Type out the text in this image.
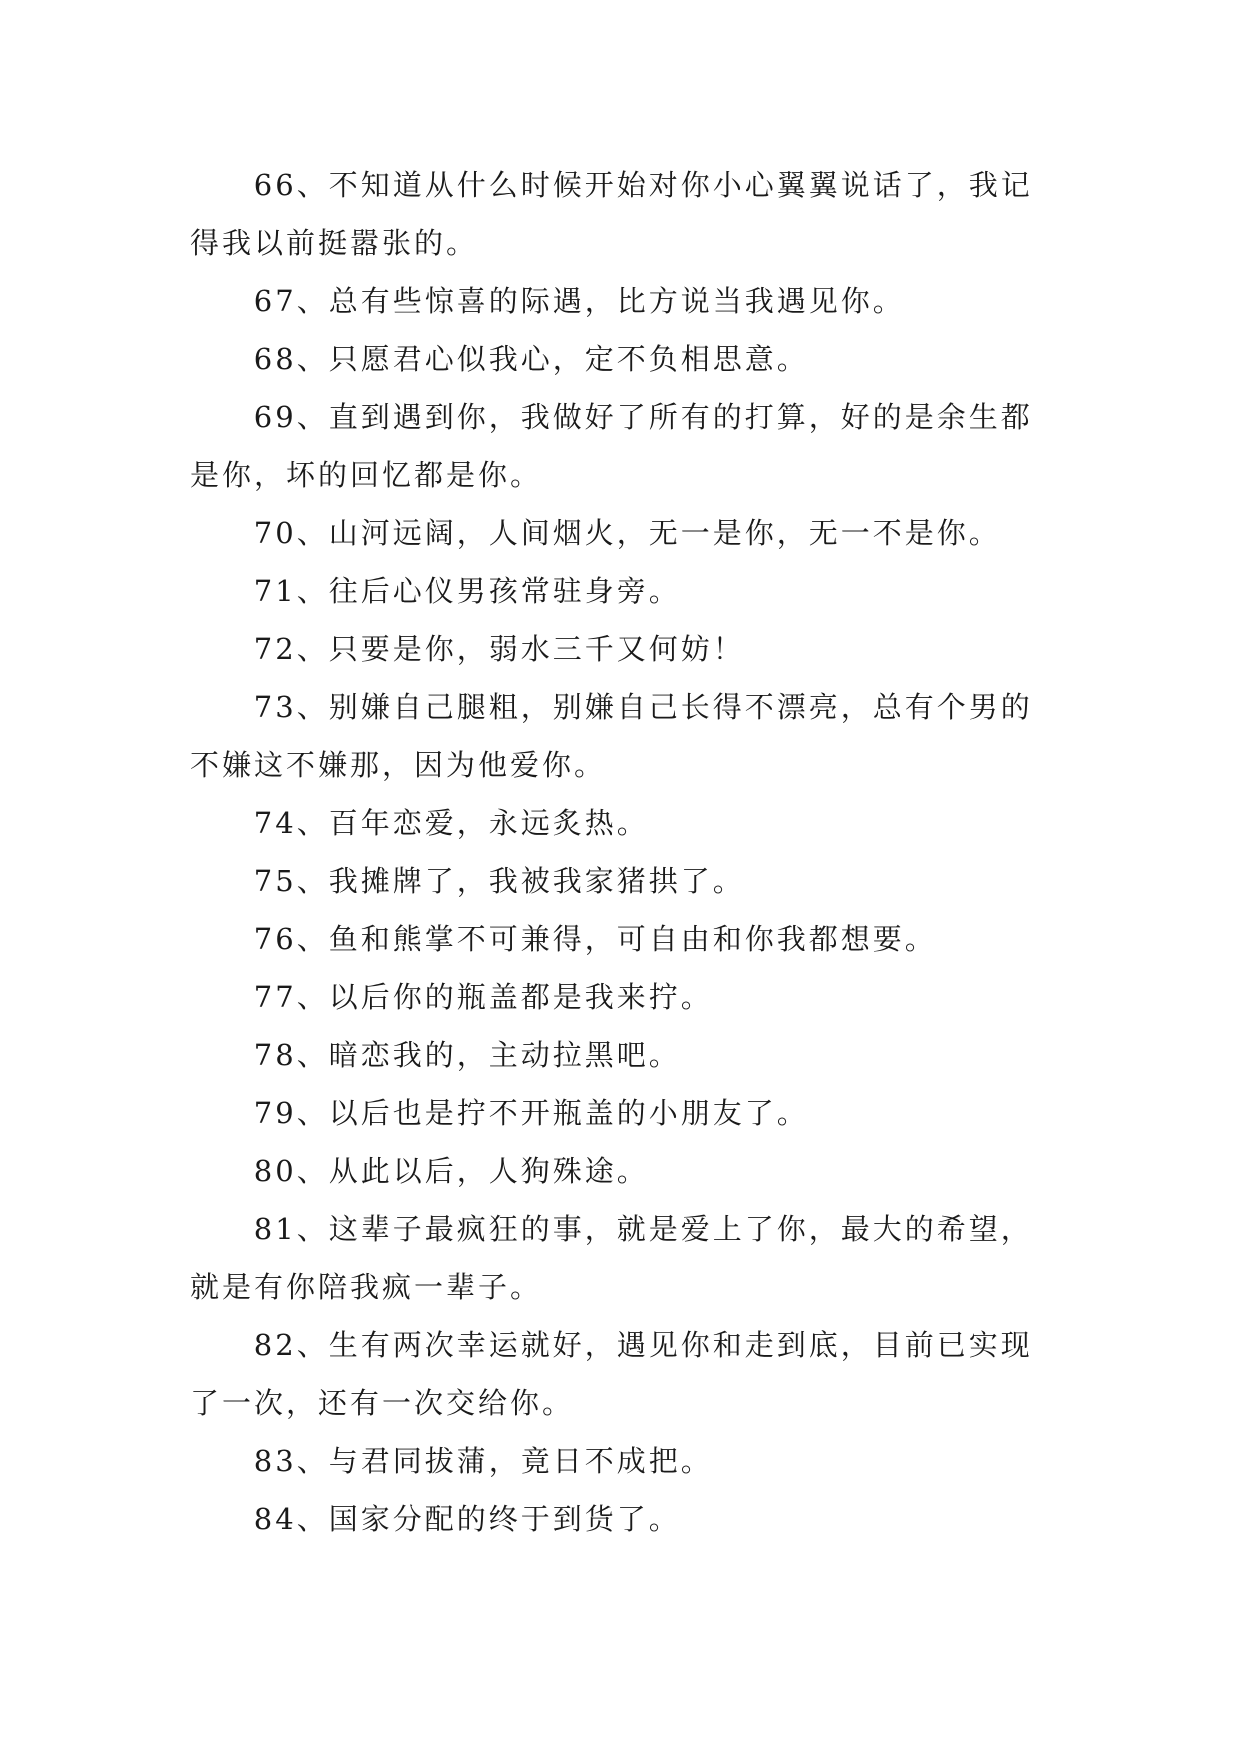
66、不知道从什么时候开始对你小心翼翼说话了，我记得我以前挺嚣张的。

67、总有些惊喜的际遇，比方说当我遇见你。

68、只愿君心似我心，定不负相思意。

69、直到遇到你，我做好了所有的打算，好的是余生都是你，坏的回忆都是你。

70、山河远阔，人间烟火，无一是你，无一不是你。

71、往后心仪男孩常驻身旁。

72、只要是你，弱水三千又何妨！

73、别嫌自己腿粗，别嫌自己长得不漂亮，总有个男的不嫌这不嫌那，因为他爱你。

74、百年恋爱，永远炙热。

75、我摊牌了，我被我家猪拱了。

76、鱼和熊掌不可兼得，可自由和你我都想要。

77、以后你的瓶盖都是我来拧。

78、暗恋我的，主动拉黑吧。

79、以后也是拧不开瓶盖的小朋友了。

80、从此以后，人狗殊途。

81、这辈子最疯狂的事，就是爱上了你，最大的希望，就是有你陪我疯一辈子。

82、生有两次幸运就好，遇见你和走到底，目前已实现了一次，还有一次交给你。

83、与君同拔蒲，竟日不成把。

84、国家分配的终于到货了。
